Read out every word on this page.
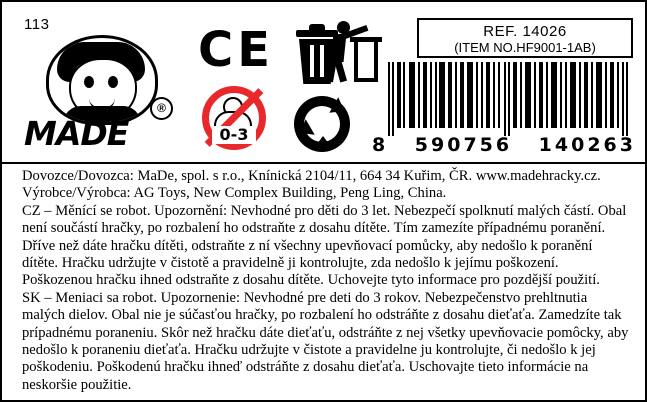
113
®
MADE
CE
0-3
REF. 14026
(ITEM NO.HF9001-1AB)
8 590756 140263

Dovozce/Dovozca: MaDe, spol. s r.o., Knínická 2104/11, 664 34 Kuřim, ČR. www.madehracky.cz. Výrobce/Výrobca: AG Toys, New Complex Building, Peng Ling, China.

CZ – Měnící se robot. Upozornění: Nevhodné pro děti do 3 let. Nebezpečí spolknutí malých částí. Obal není součástí hračky, po rozbalení ho odstraňte z dosahu dítěte. Tím zamezíte případnému poranění. Dříve než dáte hračku dítěti, odstraňte z ní všechny upevňovací pomůcky, aby nedošlo k poranění dítěte. Hračku udržujte v čistotě a pravidelně ji kontrolujte, zda nedošlo k jejímu poškození. Poškozenou hračku ihned odstraňte z dosahu dítěte. Uchovejte tyto informace pro pozdější použití.

SK – Meniaci sa robot. Upozornenie: Nevhodné pre deti do 3 rokov. Nebezpečenstvo prehltnutia malých dielov. Obal nie je súčasťou hračky, po rozbalení ho odstráňte z dosahu dieťaťa. Zamedzíte tak prípadnému poraneniu. Skôr než hračku dáte dieťaťu, odstráňte z nej všetky upevňovacie pomôcky, aby nedošlo k poraneniu dieťaťa. Hračku udržujte v čistote a pravidelne ju kontrolujte, či nedošlo k jej poškodeniu. Poškodenú hračku ihneď odstráňte z dosahu dieťaťa. Uschovajte tieto informácie na neskoršie použitie.
